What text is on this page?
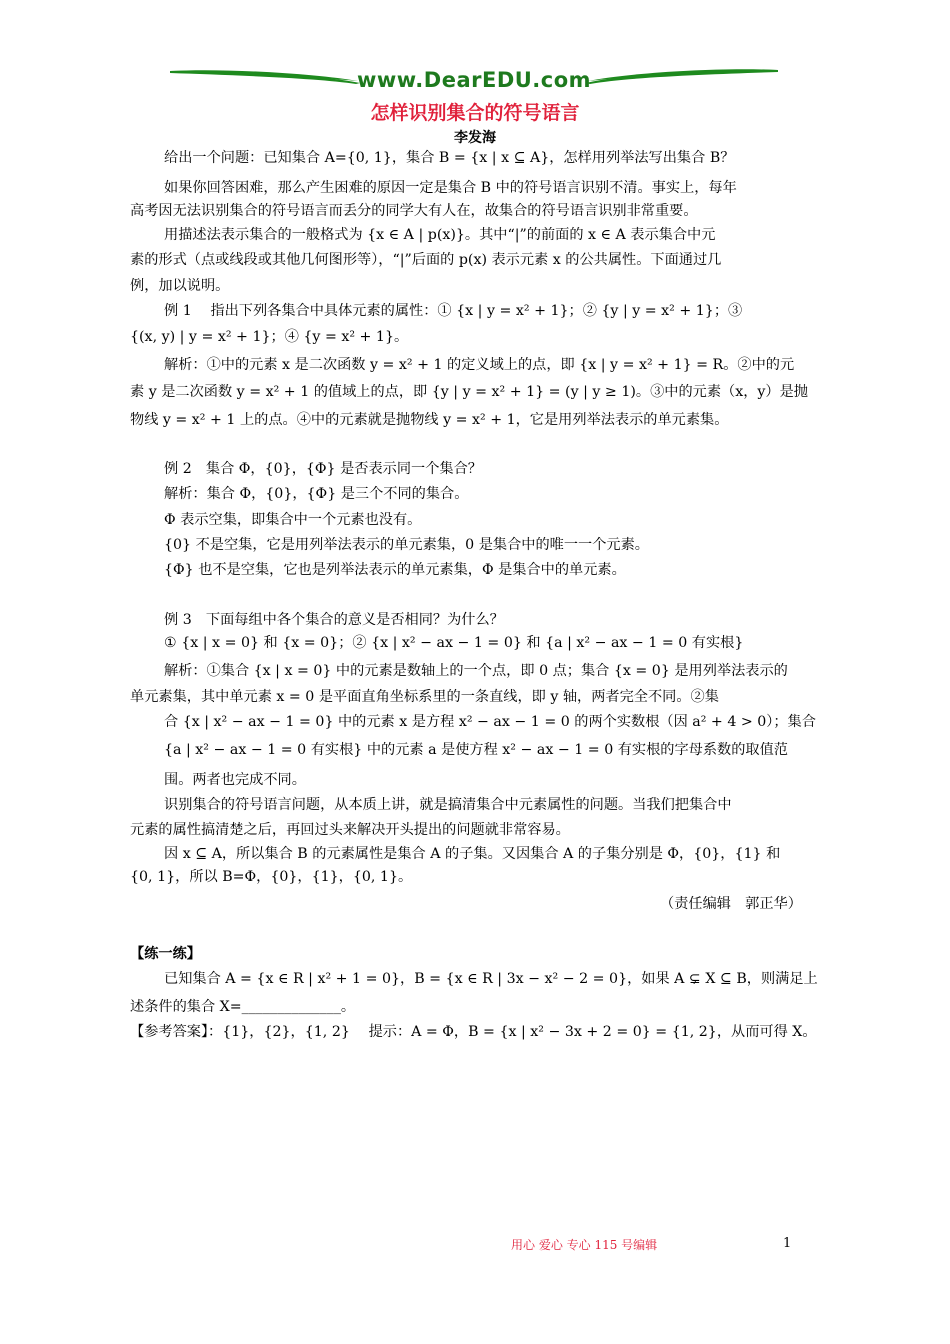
www.DearEDU.com
怎样识别集合的符号语言
李发海
给出一个问题：已知集合 A={0, 1}，集合 B = {x | x ⊆ A}，怎样用列举法写出集合 B？
如果你回答困难，那么产生困难的原因一定是集合 B 中的符号语言识别不清。事实上，每年
高考因无法识别集合的符号语言而丢分的同学大有人在，故集合的符号语言识别非常重要。
用描述法表示集合的一般格式为 {x ∈ A | p(x)}。其中“|”的前面的 x ∈ A 表示集合中元
素的形式（点或线段或其他几何图形等），“|”后面的 p(x) 表示元素 x 的公共属性。下面通过几
例，加以说明。
例 1　 指出下列各集合中具体元素的属性：① {x | y = x² + 1}；② {y | y = x² + 1}；③
{(x, y) | y = x² + 1}；④ {y = x² + 1}。
解析：①中的元素 x 是二次函数 y = x² + 1 的定义域上的点，即 {x | y = x² + 1} = R。②中的元
素 y 是二次函数 y = x² + 1 的值域上的点，即 {y | y = x² + 1} = (y | y ≥ 1)。③中的元素（x，y）是抛
物线 y = x² + 1 上的点。④中的元素就是抛物线 y = x² + 1，它是用列举法表示的单元素集。
例 2　集合 Φ，{0}，{Φ} 是否表示同一个集合？
解析：集合 Φ，{0}，{Φ} 是三个不同的集合。
Φ 表示空集，即集合中一个元素也没有。
{0} 不是空集，它是用列举法表示的单元素集，0 是集合中的唯一一个元素。
{Φ} 也不是空集，它也是列举法表示的单元素集，Φ 是集合中的单元素。
例 3　下面每组中各个集合的意义是否相同？为什么？
① {x | x = 0} 和 {x = 0}；② {x | x² − ax − 1 = 0} 和 {a | x² − ax − 1 = 0 有实根}
解析：①集合 {x | x = 0} 中的元素是数轴上的一个点，即 0 点；集合 {x = 0} 是用列举法表示的
单元素集，其中单元素 x = 0 是平面直角坐标系里的一条直线，即 y 轴，两者完全不同。②集
合 {x | x² − ax − 1 = 0} 中的元素 x 是方程 x² − ax − 1 = 0 的两个实数根（因 a² + 4 > 0）；集合
{a | x² − ax − 1 = 0 有实根} 中的元素 a 是使方程 x² − ax − 1 = 0 有实根的字母系数的取值范
围。两者也完成不同。
识别集合的符号语言问题，从本质上讲，就是搞清集合中元素属性的问题。当我们把集合中
元素的属性搞清楚之后，再回过头来解决开头提出的问题就非常容易。
因 x ⊆ A，所以集合 B 的元素属性是集合 A 的子集。又因集合 A 的子集分别是 Φ，{0}，{1} 和
{0, 1}，所以 B=Φ，{0}，{1}，{0, 1}。
（责任编辑　郭正华）
【练一练】
已知集合 A = {x ∈ R | x² + 1 = 0}，B = {x ∈ R | 3x − x² − 2 = 0}，如果 A ⊊ X ⊆ B，则满足上
述条件的集合 X=______________。
【参考答案】：{1}，{2}，{1, 2}　 提示：A = Φ，B = {x | x² − 3x + 2 = 0} = {1, 2}，从而可得 X。
用心 爱心 专心 115 号编辑	1
